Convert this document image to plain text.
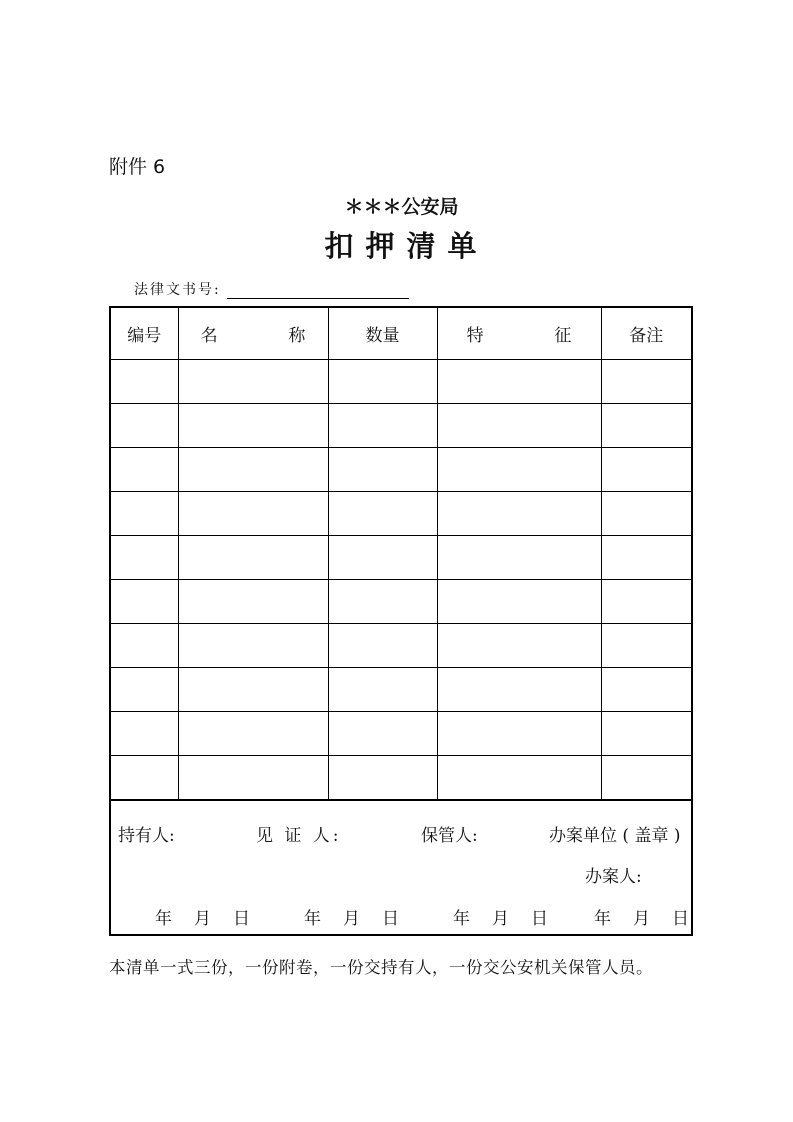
附件 6
＊＊＊公安局
扣押清单
法律文书号:
编号	名  称	数量	特  征	备注

持有人:	见 证 人:	保管人:	办案单位 ( 盖章 )
办案人:
年 月 日	年 月 日	年 月 日	年 月 日
本清单一式三份，一份附卷，一份交持有人，一份交公安机关保管人员。
